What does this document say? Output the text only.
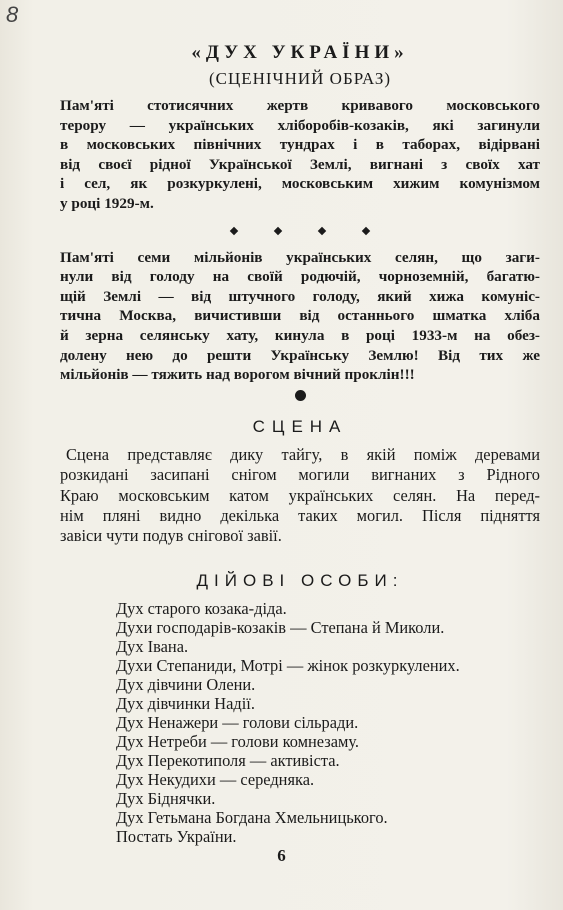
8
«ДУХ УКРАЇНИ»
(СЦЕНІЧНИЙ ОБРАЗ)
Пам'яті стотисячних жертв кривавого московського
терору — українських хліборобів-козаків, які загинули
в московських північних тундрах і в таборах, відірвані
від своєї рідної Української Землі, вигнані з своїх хат
і сел, як розкуркулені, московським хижим комунізмом
у році 1929-м.
Пам'яті семи мільйонів українських селян, що заги-
нули від голоду на своїй родючій, чорноземній, багатю-
щій Землі — від штучного голоду, який хижа комуніс-
тична Москва, вичистивши від останнього шматка хліба
й зерна селянську хату, кинула в році 1933-м на обез-
долену нею до решти Українську Землю! Від тих же
мільйонів — тяжить над ворогом вічний проклін!!!
СЦЕНА
Сцена представляє дику тайгу, в якій поміж деревами
розкидані засипані снігом могили вигнаних з Рідного
Краю московським катом українських селян. На перед-
нім пляні видно декілька таких могил. Після підняття
завіси чути подув снігової завії.
ДІЙОВІ ОСОБИ:
Дух старого козака-діда.
Духи господарів-козаків — Степана й Миколи.
Дух Івана.
Духи Степаниди, Мотрі — жінок розкуркулених.
Дух дівчини Олени.
Дух дівчинки Надії.
Дух Ненажери — голови сільради.
Дух Нетреби — голови комнезаму.
Дух Перекотиполя — активіста.
Дух Некудихи — середняка.
Дух Біднячки.
Дух Гетьмана Богдана Хмельницького.
Постать України.
6
